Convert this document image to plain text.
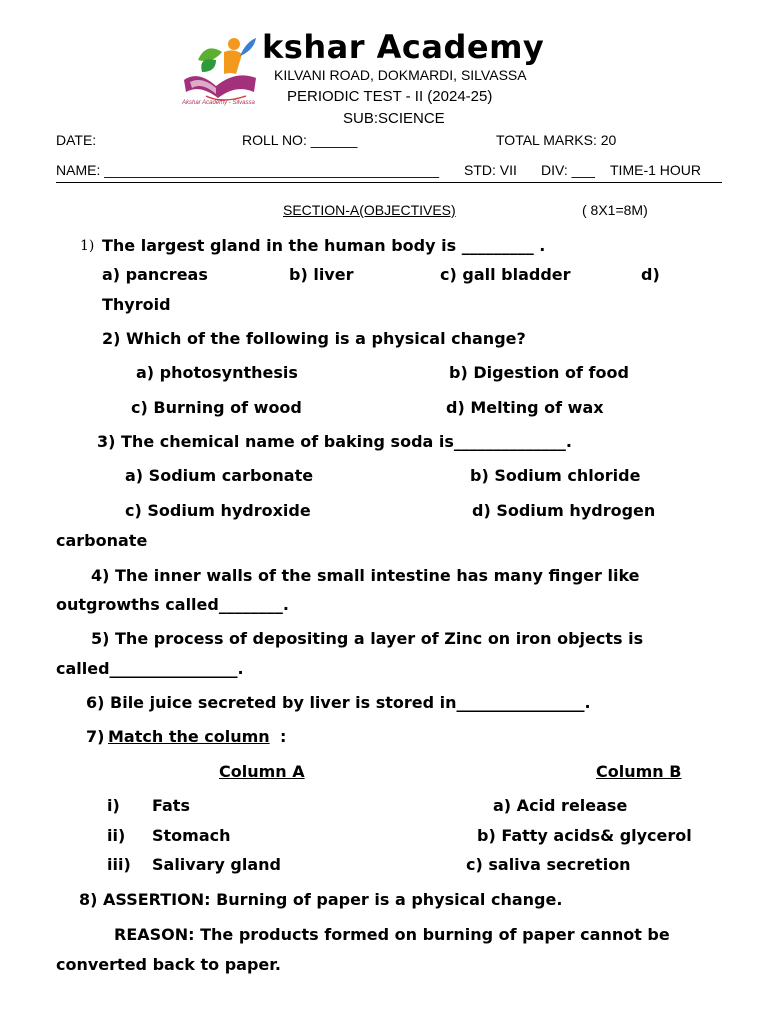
Akshar Academy - Silvassa
kshar Academy
KILVANI ROAD, DOKMARDI, SILVASSA
PERIODIC TEST - II (2024-25)
SUB:SCIENCE
DATE:	ROLL NO: ______	TOTAL MARKS: 20
NAME: ___________________________________________ STD: VII DIV: ___ TIME-1 HOUR
SECTION-A(OBJECTIVES)	( 8X1=8M)
1) The largest gland in the human body is _________ .
a) pancreas	b) liver	c) gall bladder	d)
Thyroid
2) Which of the following is a physical change?
a) photosynthesis	b) Digestion of food
c) Burning of wood	d) Melting of wax
3) The chemical name of baking soda is______________.
a) Sodium carbonate	b) Sodium chloride
c) Sodium hydroxide	d) Sodium hydrogen
carbonate
4) The inner walls of the small intestine has many finger like
outgrowths called________.
5) The process of depositing a layer of Zinc on iron objects is
called________________.
6) Bile juice secreted by liver is stored in________________.
7) Match the column :
Column A	Column B
i) Fats	a) Acid release
ii) Stomach	b) Fatty acids& glycerol
iii) Salivary gland	c) saliva secretion
8) ASSERTION: Burning of paper is a physical change.
REASON: The products formed on burning of paper cannot be
converted back to paper.
